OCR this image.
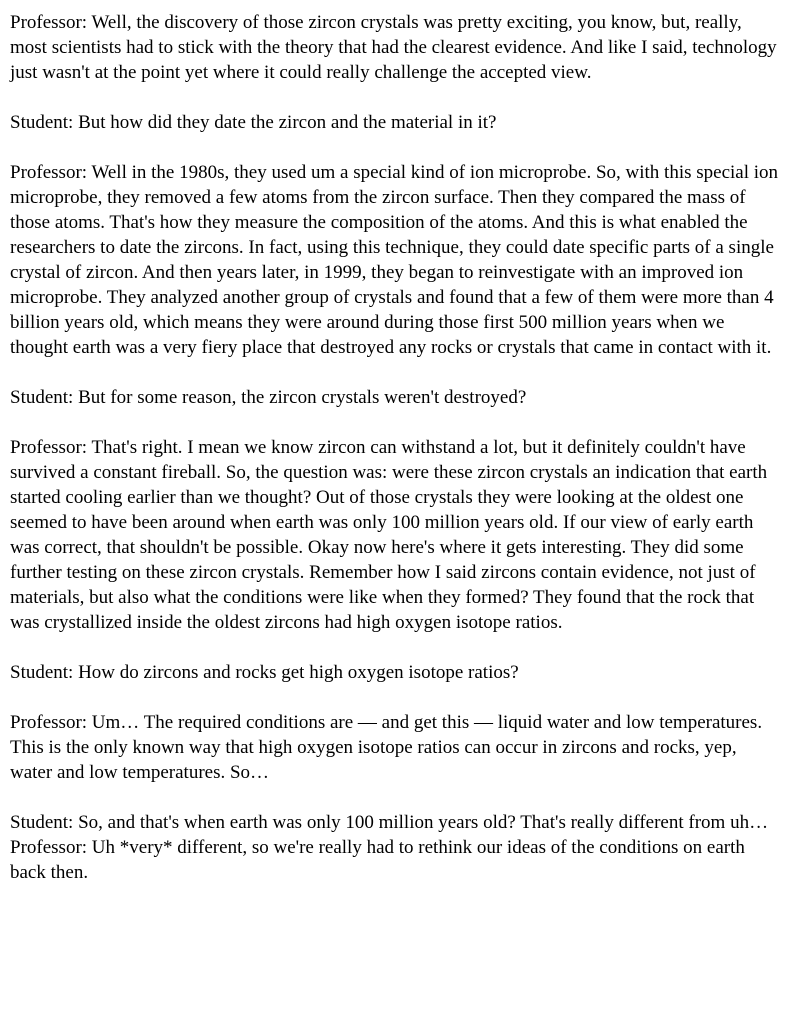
Professor: Well, the discovery of those zircon crystals was pretty exciting, you know, but, really, most scientists had to stick with the theory that had the clearest evidence. And like I said, technology just wasn't at the point yet where it could really challenge the accepted view.

Student: But how did they date the zircon and the material in it?

Professor: Well in the 1980s, they used um a special kind of ion microprobe. So, with this special ion microprobe, they removed a few atoms from the zircon surface. Then they compared the mass of those atoms. That's how they measure the composition of the atoms. And this is what enabled the researchers to date the zircons. In fact, using this technique, they could date specific parts of a single crystal of zircon. And then years later, in 1999, they began to reinvestigate with an improved ion microprobe. They analyzed another group of crystals and found that a few of them were more than 4 billion years old, which means they were around during those first 500 million years when we thought earth was a very fiery place that destroyed any rocks or crystals that came in contact with it.

Student: But for some reason, the zircon crystals weren't destroyed?

Professor: That's right. I mean we know zircon can withstand a lot, but it definitely couldn't have survived a constant fireball. So, the question was: were these zircon crystals an indication that earth started cooling earlier than we thought? Out of those crystals they were looking at the oldest one seemed to have been around when earth was only 100 million years old. If our view of early earth was correct, that shouldn't be possible. Okay now here's where it gets interesting. They did some further testing on these zircon crystals. Remember how I said zircons contain evidence, not just of materials, but also what the conditions were like when they formed? They found that the rock that was crystallized inside the oldest zircons had high oxygen isotope ratios.

Student: How do zircons and rocks get high oxygen isotope ratios?

Professor: Um… The required conditions are — and get this — liquid water and low temperatures. This is the only known way that high oxygen isotope ratios can occur in zircons and rocks, yep, water and low temperatures. So…

Student: So, and that's when earth was only 100 million years old? That's really different from uh…

Professor: Uh *very* different, so we're really had to rethink our ideas of the conditions on earth back then.
